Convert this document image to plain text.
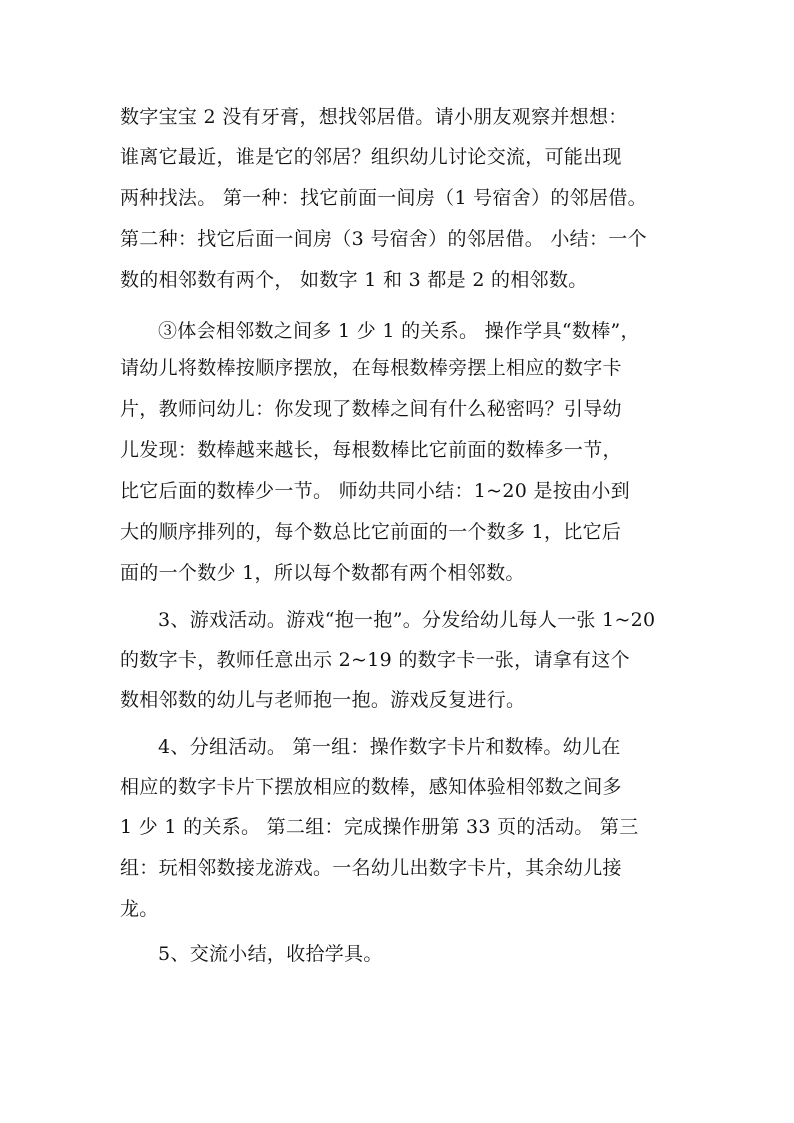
数字宝宝 2 没有牙膏，想找邻居借。请小朋友观察并想想：
谁离它最近，谁是它的邻居？组织幼儿讨论交流，可能出现
两种找法。 第一种：找它前面一间房（1 号宿舍）的邻居借。
第二种：找它后面一间房（3 号宿舍）的邻居借。 小结：一个
数的相邻数有两个， 如数字 1 和 3 都是 2 的相邻数。
③体会相邻数之间多 1 少 1 的关系。 操作学具“数棒”，
请幼儿将数棒按顺序摆放，在每根数棒旁摆上相应的数字卡
片，教师问幼儿：你发现了数棒之间有什么秘密吗？引导幼
儿发现：数棒越来越长，每根数棒比它前面的数棒多一节，
比它后面的数棒少一节。 师幼共同小结：1~20 是按由小到
大的顺序排列的，每个数总比它前面的一个数多 1，比它后
面的一个数少 1，所以每个数都有两个相邻数。
3、游戏活动。游戏“抱一抱”。分发给幼儿每人一张 1~20
的数字卡，教师任意出示 2~19 的数字卡一张，请拿有这个
数相邻数的幼儿与老师抱一抱。游戏反复进行。
4、分组活动。 第一组：操作数字卡片和数棒。幼儿在
相应的数字卡片下摆放相应的数棒，感知体验相邻数之间多
1 少 1 的关系。 第二组：完成操作册第 33 页的活动。 第三
组：玩相邻数接龙游戏。一名幼儿出数字卡片，其余幼儿接
龙。
5、交流小结，收拾学具。
